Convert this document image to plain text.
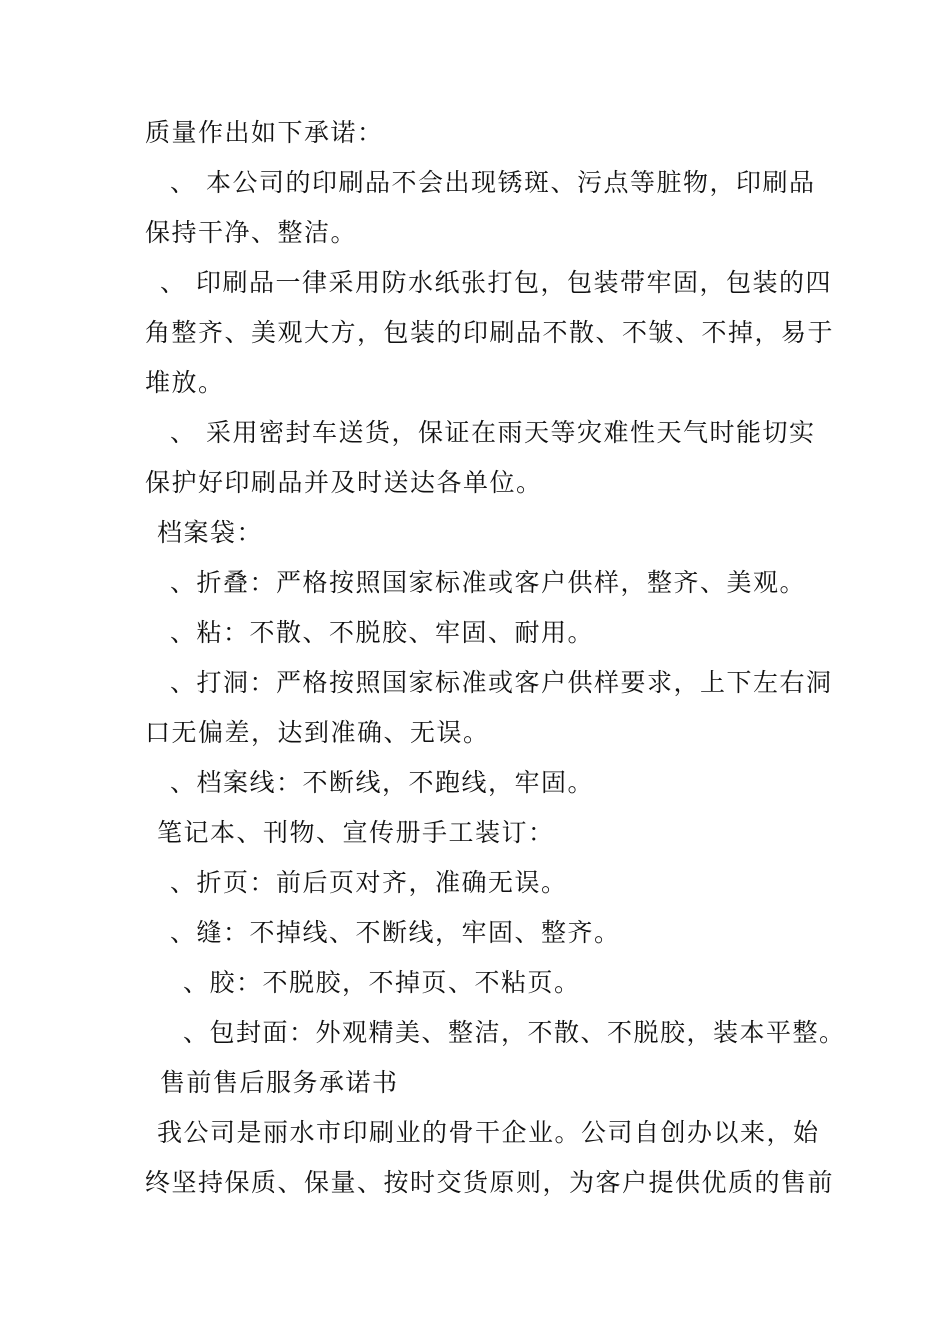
质量作出如下承诺：
、 本公司的印刷品不会出现锈斑、污点等脏物，印刷品
保持干净、整洁。
、 印刷品一律采用防水纸张打包，包装带牢固，包装的四
角整齐、美观大方，包装的印刷品不散、不皱、不掉，易于
堆放。
、 采用密封车送货，保证在雨天等灾难性天气时能切实
保护好印刷品并及时送达各单位。
档案袋：
、折叠：严格按照国家标准或客户供样，整齐、美观。
、粘：不散、不脱胶、牢固、耐用。
、打洞：严格按照国家标准或客户供样要求，上下左右洞
口无偏差，达到准确、无误。
、档案线：不断线，不跑线，牢固。
笔记本、刊物、宣传册手工装订：
、折页：前后页对齐，准确无误。
、缝：不掉线、不断线，牢固、整齐。
、胶：不脱胶，不掉页、不粘页。
、包封面：外观精美、整洁，不散、不脱胶，装本平整。
售前售后服务承诺书
我公司是丽水市印刷业的骨干企业。公司自创办以来，始
终坚持保质、保量、按时交货原则，为客户提供优质的售前
